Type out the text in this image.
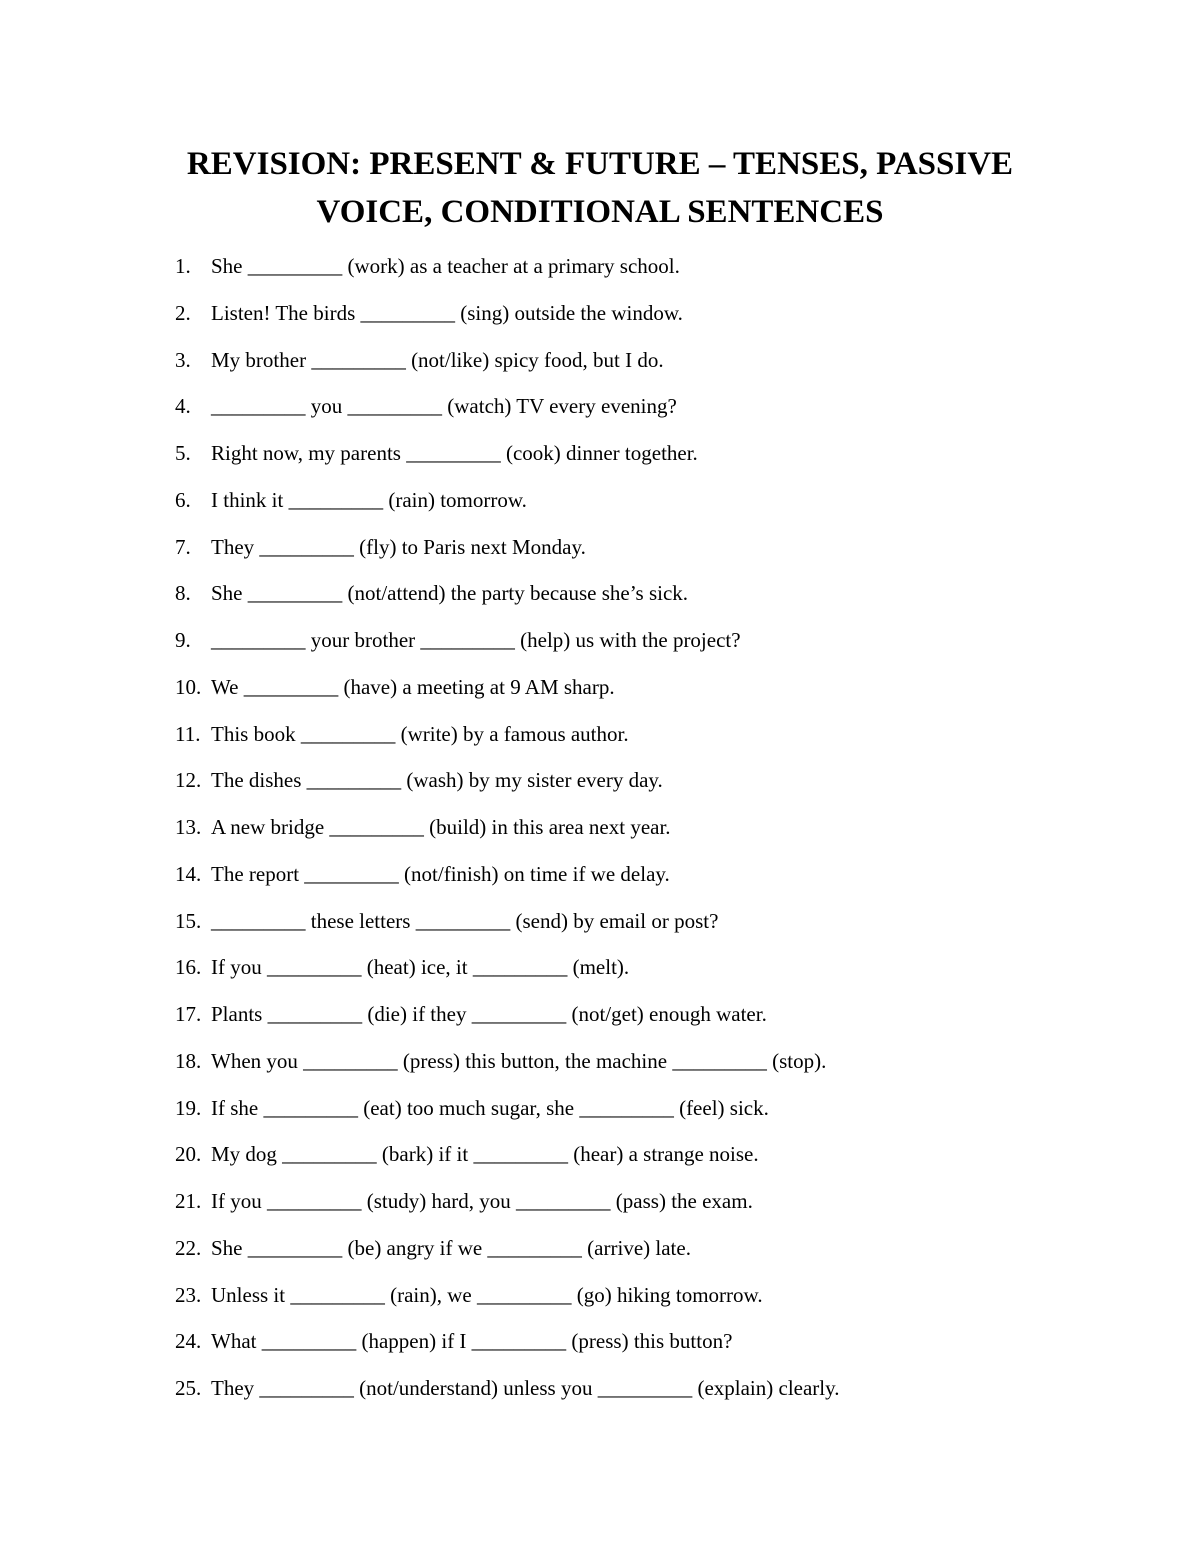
REVISION: PRESENT & FUTURE – TENSES, PASSIVE
VOICE, CONDITIONAL SENTENCES
1. She _________ (work) as a teacher at a primary school.
2. Listen! The birds _________ (sing) outside the window.
3. My brother _________ (not/like) spicy food, but I do.
4. _________ you _________ (watch) TV every evening?
5. Right now, my parents _________ (cook) dinner together.
6. I think it _________ (rain) tomorrow.
7. They _________ (fly) to Paris next Monday.
8. She _________ (not/attend) the party because she’s sick.
9. _________ your brother _________ (help) us with the project?
10. We _________ (have) a meeting at 9 AM sharp.
11. This book _________ (write) by a famous author.
12. The dishes _________ (wash) by my sister every day.
13. A new bridge _________ (build) in this area next year.
14. The report _________ (not/finish) on time if we delay.
15. _________ these letters _________ (send) by email or post?
16. If you _________ (heat) ice, it _________ (melt).
17. Plants _________ (die) if they _________ (not/get) enough water.
18. When you _________ (press) this button, the machine _________ (stop).
19. If she _________ (eat) too much sugar, she _________ (feel) sick.
20. My dog _________ (bark) if it _________ (hear) a strange noise.
21. If you _________ (study) hard, you _________ (pass) the exam.
22. She _________ (be) angry if we _________ (arrive) late.
23. Unless it _________ (rain), we _________ (go) hiking tomorrow.
24. What _________ (happen) if I _________ (press) this button?
25. They _________ (not/understand) unless you _________ (explain) clearly.
